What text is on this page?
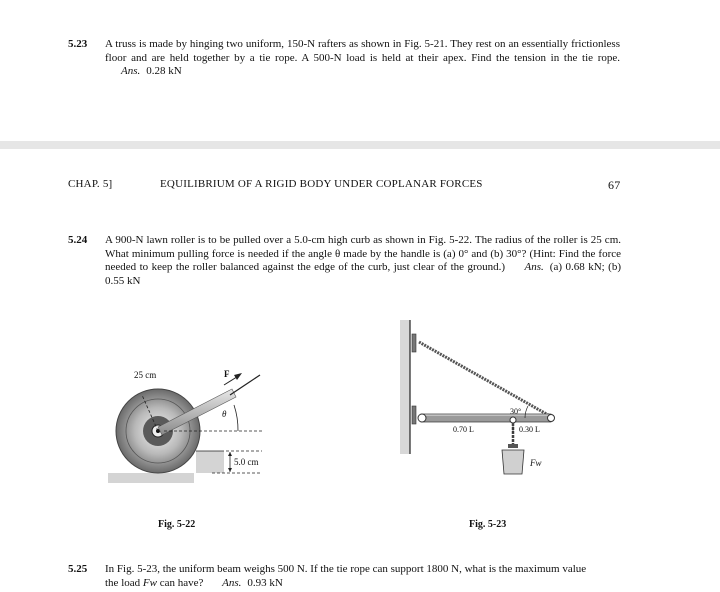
5.23 A truss is made by hinging two uniform, 150-N rafters as shown in Fig. 5-21. They rest on an essentially frictionless floor and are held together by a tie rope. A 500-N load is held at their apex. Find the tension in the tie rope. Ans. 0.28 kN
CHAP. 5]	EQUILIBRIUM OF A RIGID BODY UNDER COPLANAR FORCES	67
5.24 A 900-N lawn roller is to be pulled over a 5.0-cm high curb as shown in Fig. 5-22. The radius of the roller is 25 cm. What minimum pulling force is needed if the angle θ made by the handle is (a) 0° and (b) 30°? (Hint: Find the force needed to keep the roller balanced against the edge of the curb, just clear of the ground.) Ans. (a) 0.68 kN; (b) 0.55 kN
25 cm	F
θ
5.0 cm
Fig. 5-22
30°
0.70 L	0.30 L
Fw
Fig. 5-23
5.25 In Fig. 5-23, the uniform beam weighs 500 N. If the tie rope can support 1800 N, what is the maximum value
the load Fw can have? Ans. 0.93 kN
